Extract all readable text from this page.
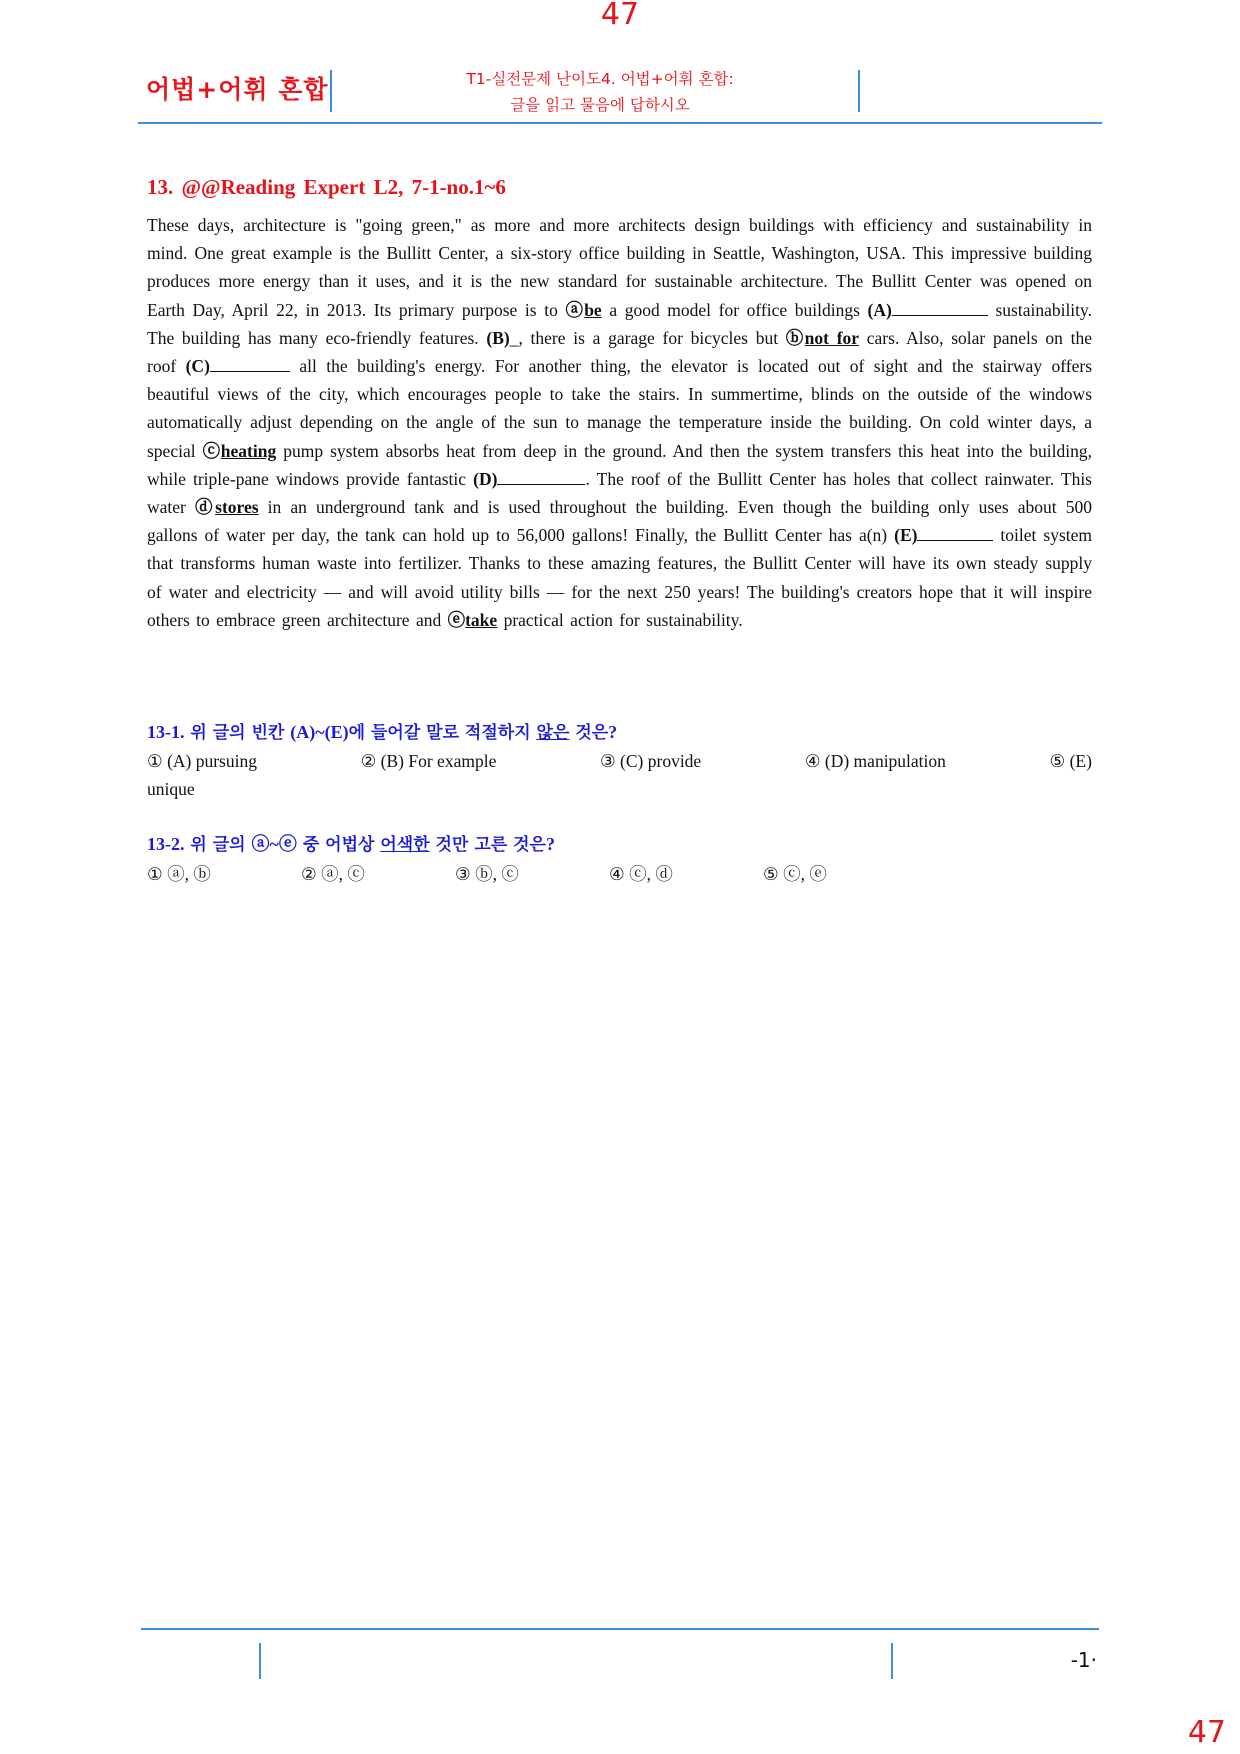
47
어법+어휘 혼합	T1-실전문제 난이도4. 어법+어휘 혼합:
글을 읽고 물음에 답하시오
13. @@Reading Expert L2, 7-1-no.1~6
These days, architecture is "going green," as more and more architects design buildings with efficiency and sustainability in mind. One great example is the Bullitt Center, a six-story office building in Seattle, Washington, USA. This impressive building produces more energy than it uses, and it is the new standard for sustainable architecture. The Bullitt Center was opened on Earth Day, April 22, in 2013. Its primary purpose is to ⓐbe a good model for office buildings (A)	sustainability. The building has many eco-friendly features. (B)_, there is a garage for bicycles but ⓑnot for cars. Also, solar panels on the roof (C)	all the building's energy. For another thing, the elevator is located out of sight and the stairway offers beautiful views of the city, which encourages people to take the stairs. In summertime, blinds on the outside of the windows automatically adjust depending on the angle of the sun to manage the temperature inside the building. On cold winter days, a special ⓒheating pump system absorbs heat from deep in the ground. And then the system transfers this heat into the building, while triple-pane windows provide fantastic (D)	. The roof of the Bullitt Center has holes that collect rainwater. This water ⓓstores in an underground tank and is used throughout the building. Even though the building only uses about 500 gallons of water per day, the tank can hold up to 56,000 gallons! Finally, the Bullitt Center has a(n) (E)	toilet system that transforms human waste into fertilizer. Thanks to these amazing features, the Bullitt Center will have its own steady supply of water and electricity — and will avoid utility bills — for the next 250 years! The building's creators hope that it will inspire others to embrace green architecture and ⓔtake practical action for sustainability.
13-1. 위 글의 빈칸 (A)~(E)에 들어갈 말로 적절하지 않은 것은?
① (A) pursuing	② (B) For example	③ (C) provide	④ (D) manipulation	⑤ (E)
unique
13-2. 위 글의 ⓐ~ⓔ 중 어법상 어색한 것만 고른 것은?
① ⓐ, ⓑ	② ⓐ, ⓒ	③ ⓑ, ⓒ	④ ⓒ, ⓓ	⑤ ⓒ, ⓔ
-1·
47
